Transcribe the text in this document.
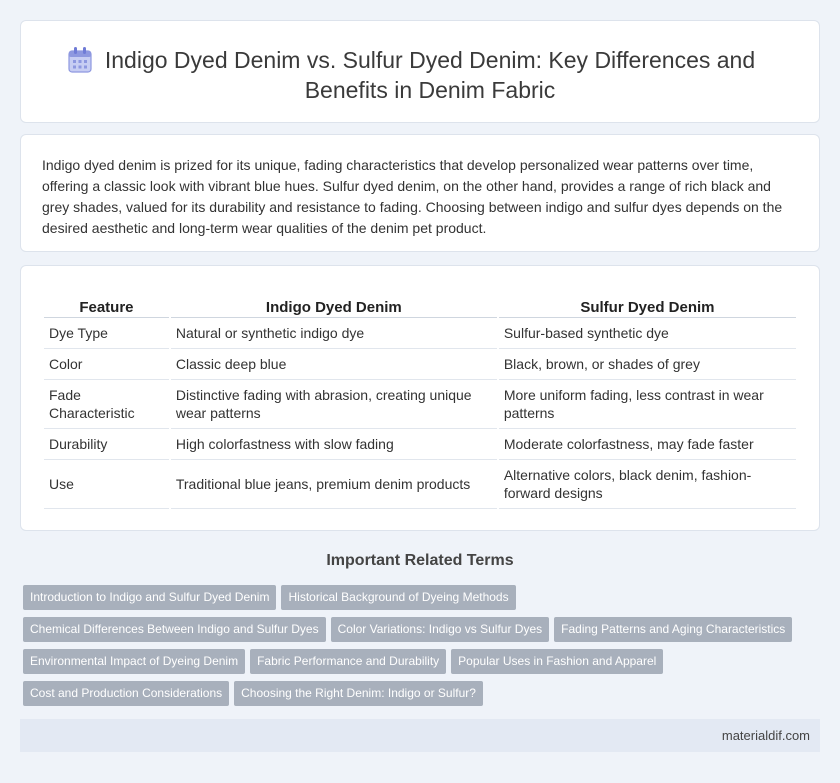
Indigo Dyed Denim vs. Sulfur Dyed Denim: Key Differences and Benefits in Denim Fabric

Indigo dyed denim is prized for its unique, fading characteristics that develop personalized wear patterns over time, offering a classic look with vibrant blue hues. Sulfur dyed denim, on the other hand, provides a range of rich black and grey shades, valued for its durability and resistance to fading. Choosing between indigo and sulfur dyes depends on the desired aesthetic and long-term wear qualities of the denim pet product.

Feature	Indigo Dyed Denim	Sulfur Dyed Denim
Dye Type	Natural or synthetic indigo dye	Sulfur-based synthetic dye
Color	Classic deep blue	Black, brown, or shades of grey
Fade Characteristic	Distinctive fading with abrasion, creating unique wear patterns	More uniform fading, less contrast in wear patterns
Durability	High colorfastness with slow fading	Moderate colorfastness, may fade faster
Use	Traditional blue jeans, premium denim products	Alternative colors, black denim, fashion-forward designs
Important Related Terms
Introduction to Indigo and Sulfur Dyed Denim Historical Background of Dyeing Methods
Chemical Differences Between Indigo and Sulfur Dyes Color Variations: Indigo vs Sulfur Dyes Fading Patterns and Aging Characteristics
Environmental Impact of Dyeing Denim Fabric Performance and Durability Popular Uses in Fashion and Apparel
Cost and Production Considerations Choosing the Right Denim: Indigo or Sulfur?
materialdif.com
